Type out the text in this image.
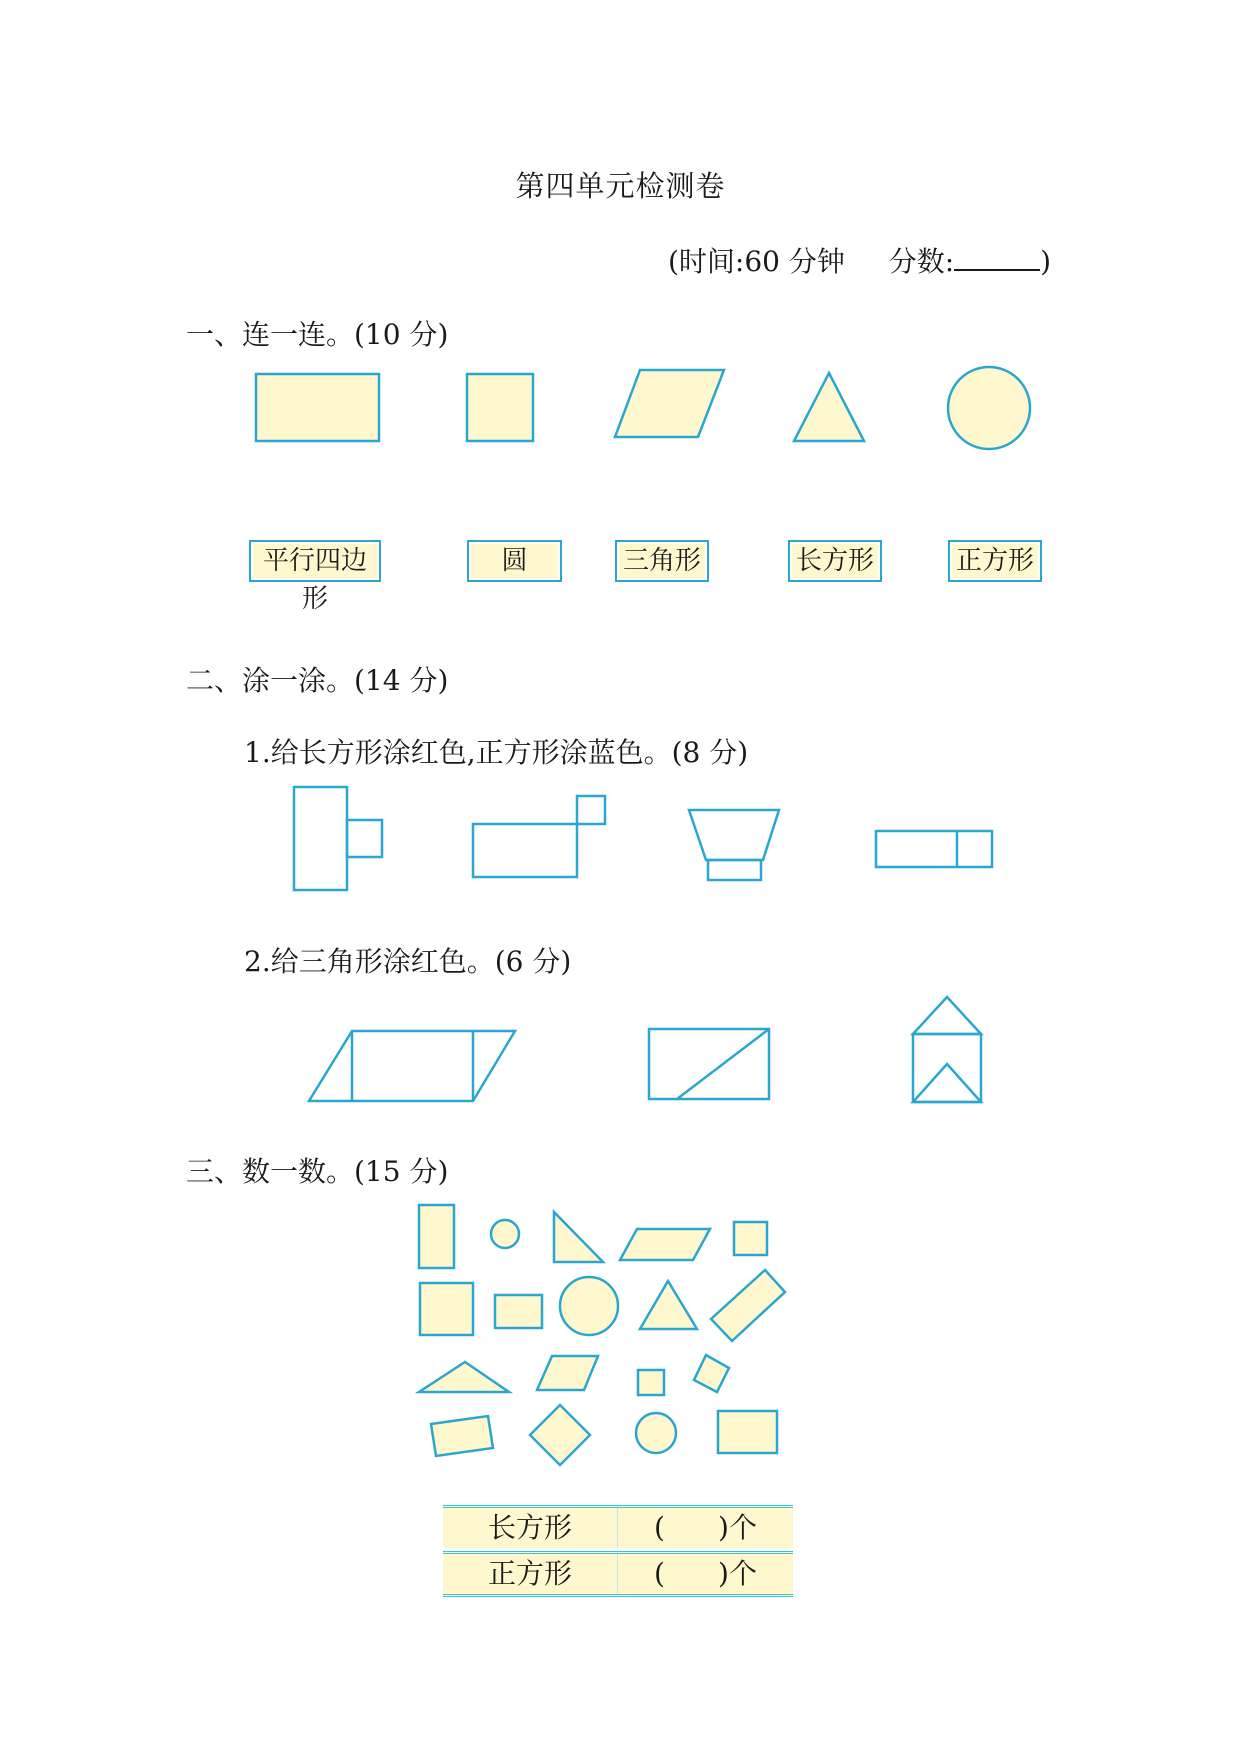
第四单元检测卷
(时间:60 分钟 分数:	)
一、连一连。(10 分)
平行四边形
圆	三角形	长方形	正方形
二、涂一涂。(14 分)
1.给长方形涂红色,正方形涂蓝色。(8 分)
2.给三角形涂红色。(6 分)
三、数一数。(15 分)
长方形	( ) 个
正方形	( ) 个
